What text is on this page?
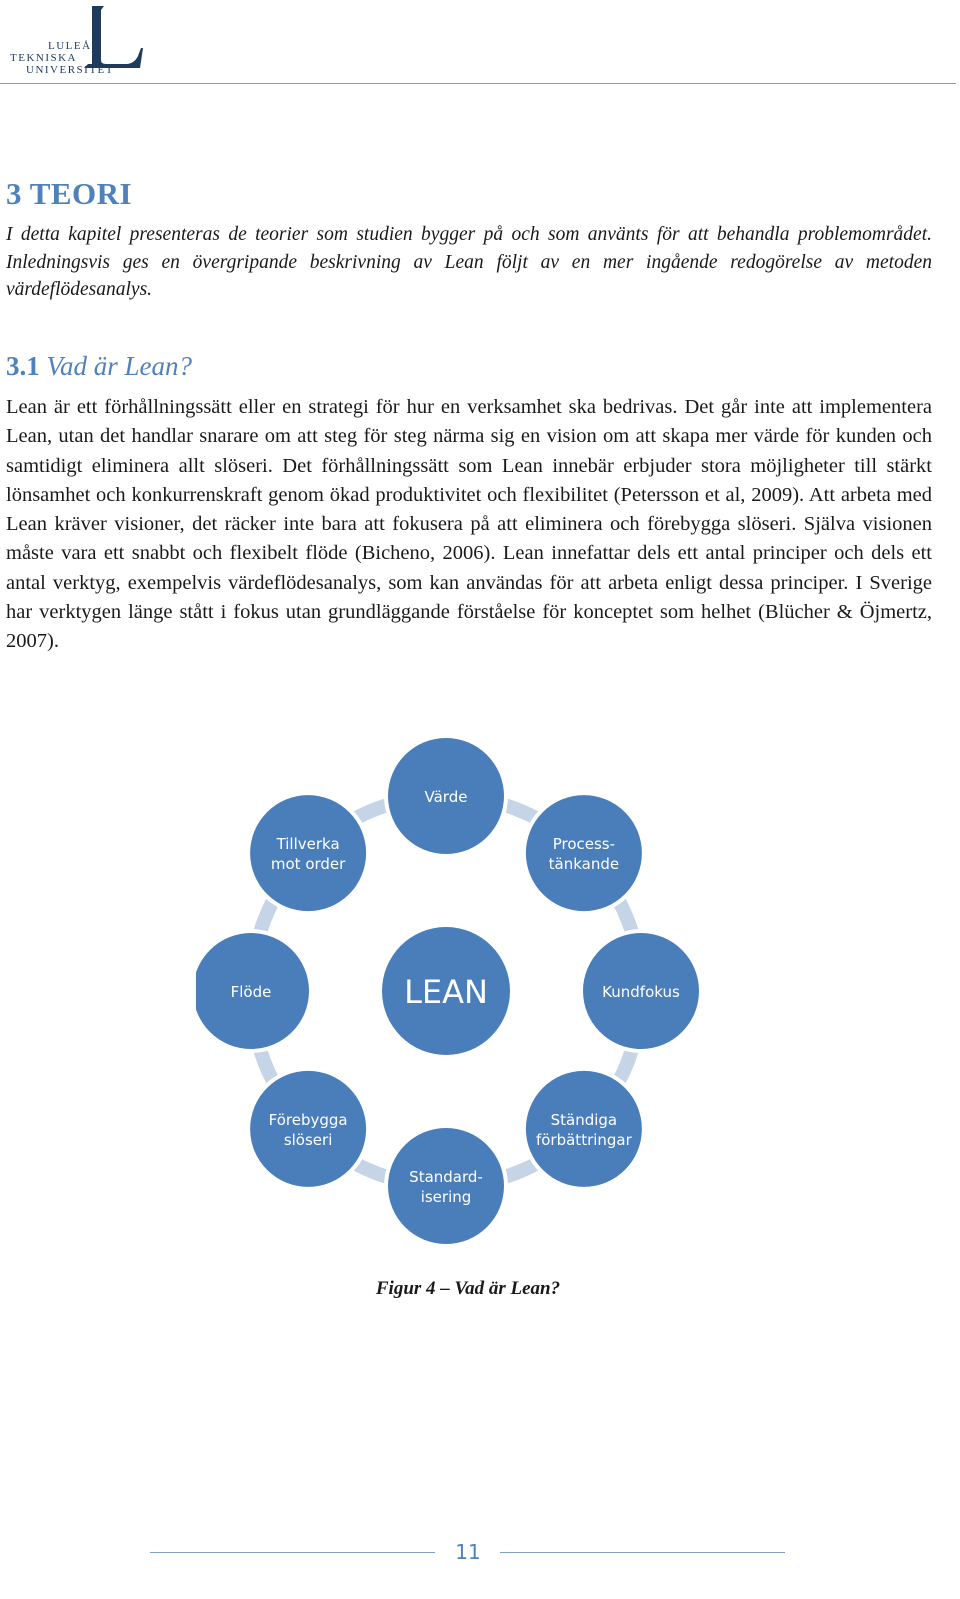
LULEÅ
TEKNISKA
UNIVERSITET
3 TEORI

I detta kapitel presenteras de teorier som studien bygger på och som använts för att behandla problemområdet. Inledningsvis ges en övergripande beskrivning av Lean följt av en mer ingående redogörelse av metoden värdeflödesanalys.

3.1 Vad är Lean?

Lean är ett förhållningssätt eller en strategi för hur en verksamhet ska bedrivas. Det går inte att implementera Lean, utan det handlar snarare om att steg för steg närma sig en vision om att skapa mer värde för kunden och samtidigt eliminera allt slöseri. Det förhållningssätt som Lean innebär erbjuder stora möjligheter till stärkt lönsamhet och konkurrenskraft genom ökad produktivitet och flexibilitet (Petersson et al, 2009). Att arbeta med Lean kräver visioner, det räcker inte bara att fokusera på att eliminera och förebygga slöseri. Själva visionen måste vara ett snabbt och flexibelt flöde (Bicheno, 2006). Lean innefattar dels ett antal principer och dels ett antal verktyg, exempelvis värdeflödesanalys, som kan användas för att arbeta enligt dessa principer. I Sverige har verktygen länge stått i fokus utan grundläggande förståelse för konceptet som helhet (Blücher & Öjmertz, 2007).

LEAN
Värde
Process-
tänkande
Kundfokus
Ständiga
förbättringar
Standard-
isering
Förebygga
slöseri
Flöde
Tillverka
mot order

Figur 4 – Vad är Lean?

11
